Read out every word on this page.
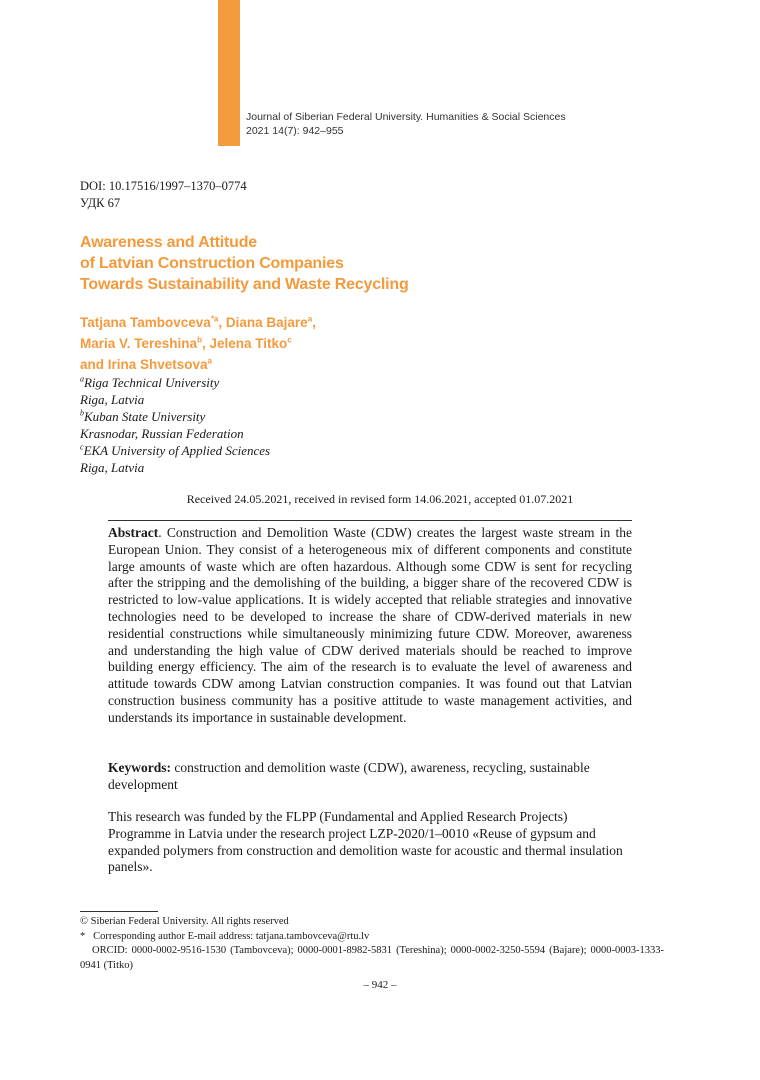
Journal of Siberian Federal University. Humanities & Social Sciences
2021 14(7): 942–955
DOI: 10.17516/1997–1370–0774
УДК 67
Awareness and Attitude
of Latvian Construction Companies
Towards Sustainability and Waste Recycling
Tatjana Tambovceva$^{*a}$, Diana Bajare$^a$,
Maria V. Tereshina$^b$, Jelena Titko$^c$
and Irina Shvetsova$^a$
$^a$Riga Technical University
Riga, Latvia
$^b$Kuban State University
Krasnodar, Russian Federation
$^c$EKA University of Applied Sciences
Riga, Latvia
Received 24.05.2021, received in revised form 14.06.2021, accepted 01.07.2021

Abstract. Construction and Demolition Waste (CDW) creates the largest waste stream in the European Union. They consist of a heterogeneous mix of different components and constitute large amounts of waste which are often hazardous. Although some CDW is sent for recycling after the stripping and the demolishing of the building, a bigger share of the recovered CDW is restricted to low-value applications. It is widely accepted that reliable strategies and innovative technologies need to be developed to increase the share of CDW-derived materials in new residential constructions while simultaneously minimizing future CDW. Moreover, awareness and understanding the high value of CDW derived materials should be reached to improve building energy efficiency. The aim of the research is to evaluate the level of awareness and attitude towards CDW among Latvian construction companies. It was found out that Latvian construction business community has a positive attitude to waste management activities, and understands its importance in sustainable development.

Keywords: construction and demolition waste (CDW), awareness, recycling, sustainable development

This research was funded by the FLPP (Fundamental and Applied Research Projects) Programme in Latvia under the research project LZP-2020/1–0010 «Reuse of gypsum and expanded polymers from construction and demolition waste for acoustic and thermal insulation panels».

© Siberian Federal University. All rights reserved

*   Corresponding author E-mail address: tatjana.tambovceva@rtu.lv

ORCID: 0000-0002-9516-1530 (Tambovceva); 0000-0001-8982-5831 (Tereshina); 0000-0002-3250-5594 (Bajare); 0000-0003-1333-0941 (Titko)

– 942 –
